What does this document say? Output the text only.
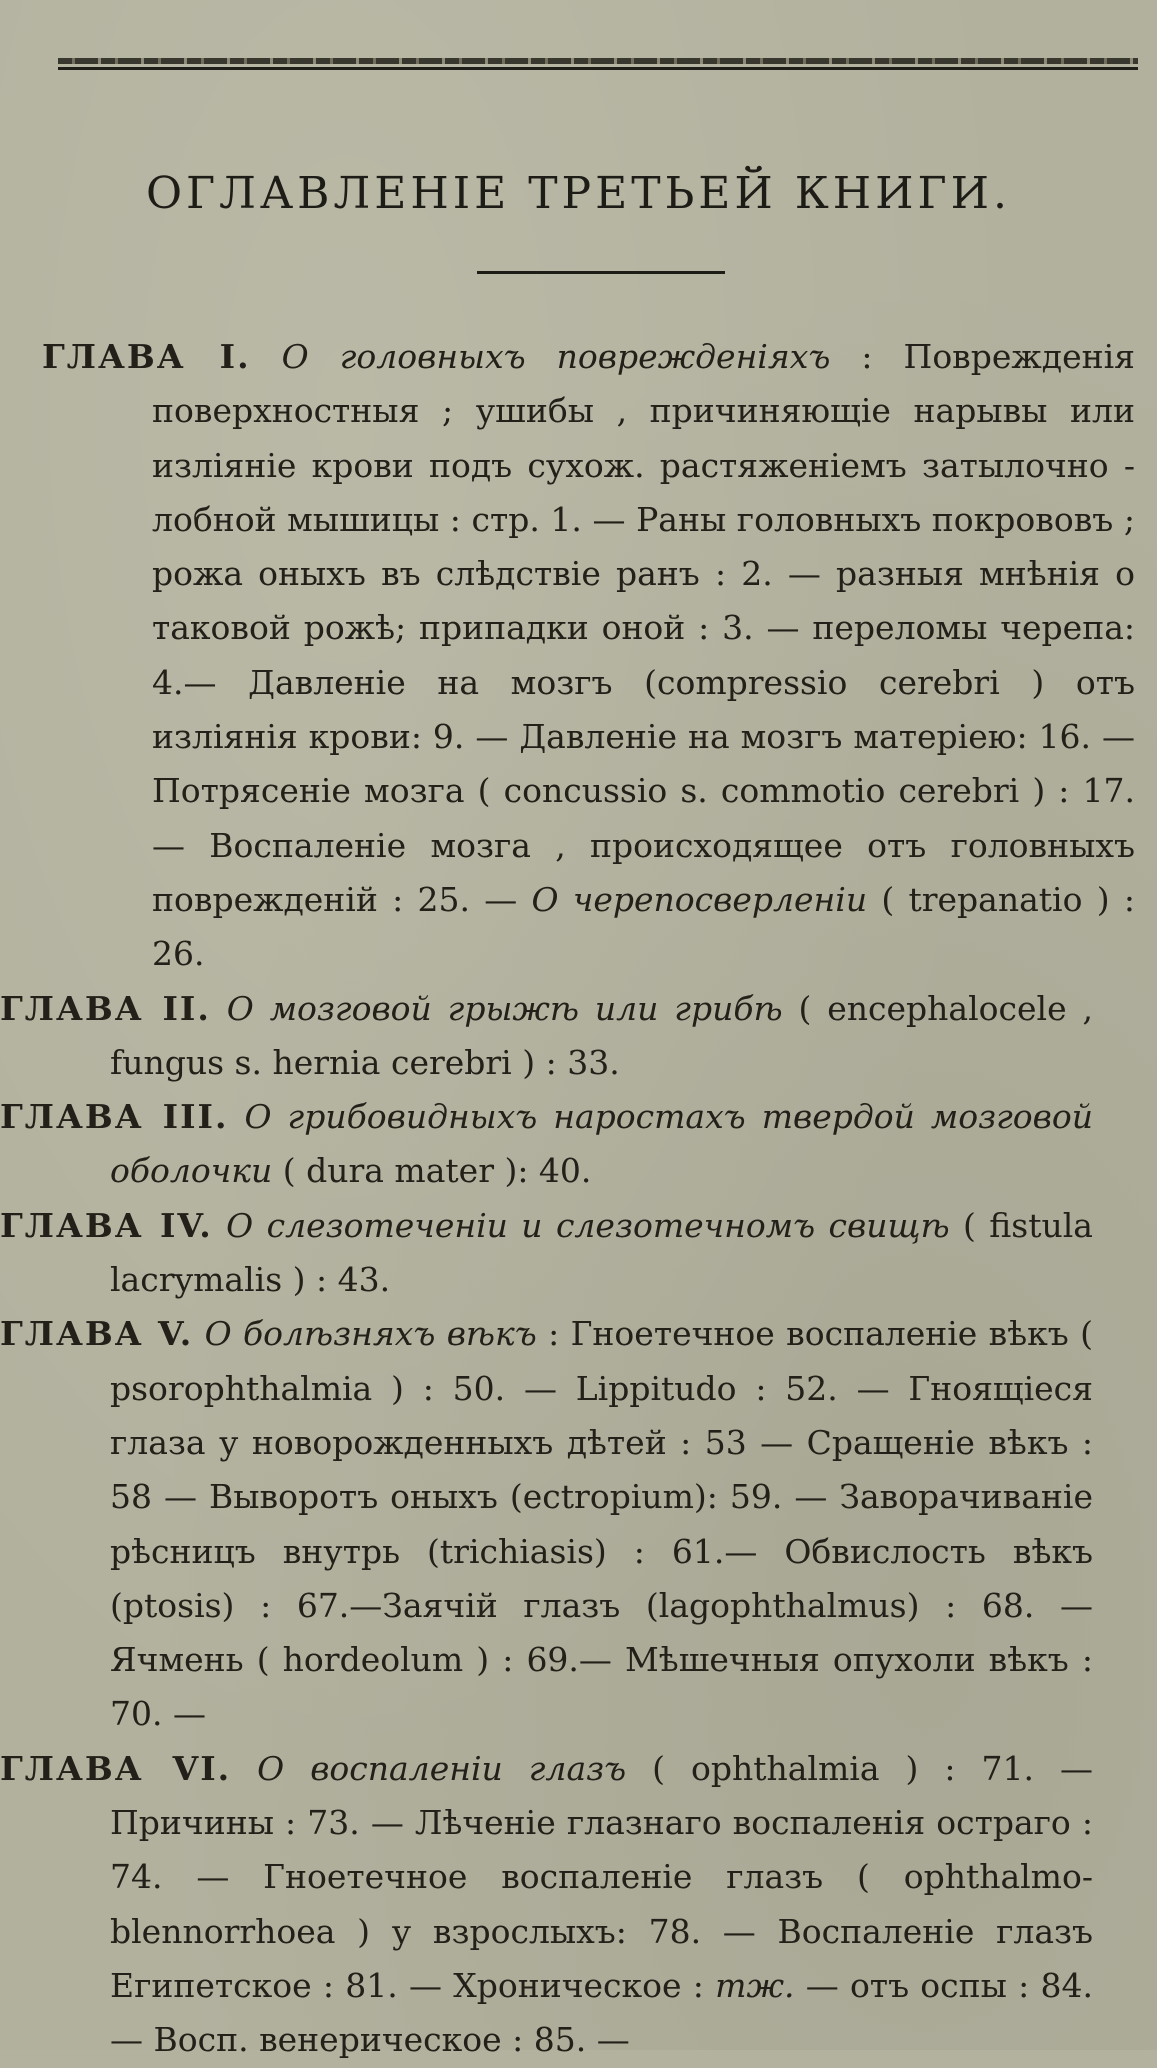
ОГЛАВЛЕНІЕ ТРЕТЬЕЙ КНИГИ.

ГЛАВА I. О головныхъ поврежденіяхъ : Поврежденія поверхностныя ; ушибы , причиняющіе нарывы или изліяніе крови подъ сухож. растяженіемъ затылочно - лобной мышицы : стр. 1. — Раны головныхъ покрововъ ; рожа оныхъ въ слѣдствіе ранъ : 2. — разныя мнѣнія о таковой рожѣ; припадки оной : 3. — переломы черепа: 4.— Давленіе на мозгъ (compressio cerebri ) отъ изліянія крови: 9. — Давленіе на мозгъ матеріею: 16. — Потрясеніе мозга ( concussio s. commotio cerebri ) : 17. — Воспаленіе мозга , происходящее отъ головныхъ поврежденій : 25. — О черепосверленіи ( trepanatio ) : 26.

ГЛАВА II. О мозговой грыжѣ или грибѣ ( encephalocele , fungus s. hernia cerebri ) : 33.

ГЛАВА III. О грибовидныхъ наростахъ твердой мозговой оболочки ( dura mater ): 40.

ГЛАВА IV. О слезотеченіи и слезотечномъ свищѣ ( fistula lacrymalis ) : 43.

ГЛАВА V. О болѣзняхъ вѣкъ : Гноетечное воспаленіе вѣкъ ( psorophthalmia ) : 50. — Lippitudo : 52. — Гноящіеся глаза у новорожденныхъ дѣтей : 53 — Сращеніе вѣкъ : 58 — Выворотъ оныхъ (ectropium): 59. — Заворачиваніе рѣсницъ внутрь (trichiasis) : 61.— Обвислость вѣкъ (ptosis) : 67.—Заячій глазъ (lagophthalmus) : 68. — Ячмень ( hordeolum ) : 69.— Мѣшечныя опухоли вѣкъ : 70. —

ГЛАВА VI. О воспаленіи глазъ ( ophthalmia ) : 71. — Причины : 73. — Лѣченіе глазнаго воспаленія остраго : 74. — Гноетечное воспаленіе глазъ ( ophthalmo-blennorrhoea ) у взрослыхъ: 78. — Воспаленіе глазъ Египетское : 81. — Хроническое : тж. — отъ оспы : 84. — Восп. венерическое : 85. —
